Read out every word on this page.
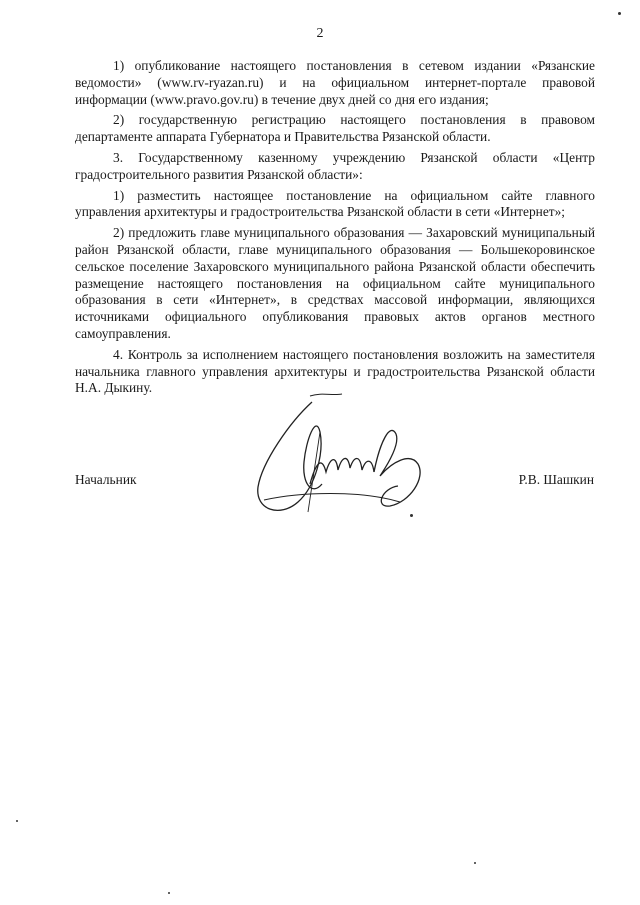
2

1) опубликование настоящего постановления в сетевом издании «Рязанские ведомости» (www.rv-ryazan.ru) и на официальном интернет-портале правовой информации (www.pravo.gov.ru) в течение двух дней со дня его издания;

2) государственную регистрацию настоящего постановления в правовом департаменте аппарата Губернатора и Правительства Рязанской области.

3. Государственному казенному учреждению Рязанской области «Центр градостроительного развития Рязанской области»:

1) разместить настоящее постановление на официальном сайте главного управления архитектуры и градостроительства Рязанской области в сети «Интернет»;

2) предложить главе муниципального образования — Захаровский муниципальный район Рязанской области, главе муниципального образования — Большекоровинское сельское поселение Захаровского муниципального района Рязанской области обеспечить размещение настоящего постановления на официальном сайте муниципального образования в сети «Интернет», в средствах массовой информации, являющихся источниками официального опубликования правовых актов органов местного самоуправления.

4. Контроль за исполнением настоящего постановления возложить на заместителя начальника главного управления архитектуры и градостроительства Рязанской области Н.А. Дыкину.

Начальник	Р.В. Шашкин
